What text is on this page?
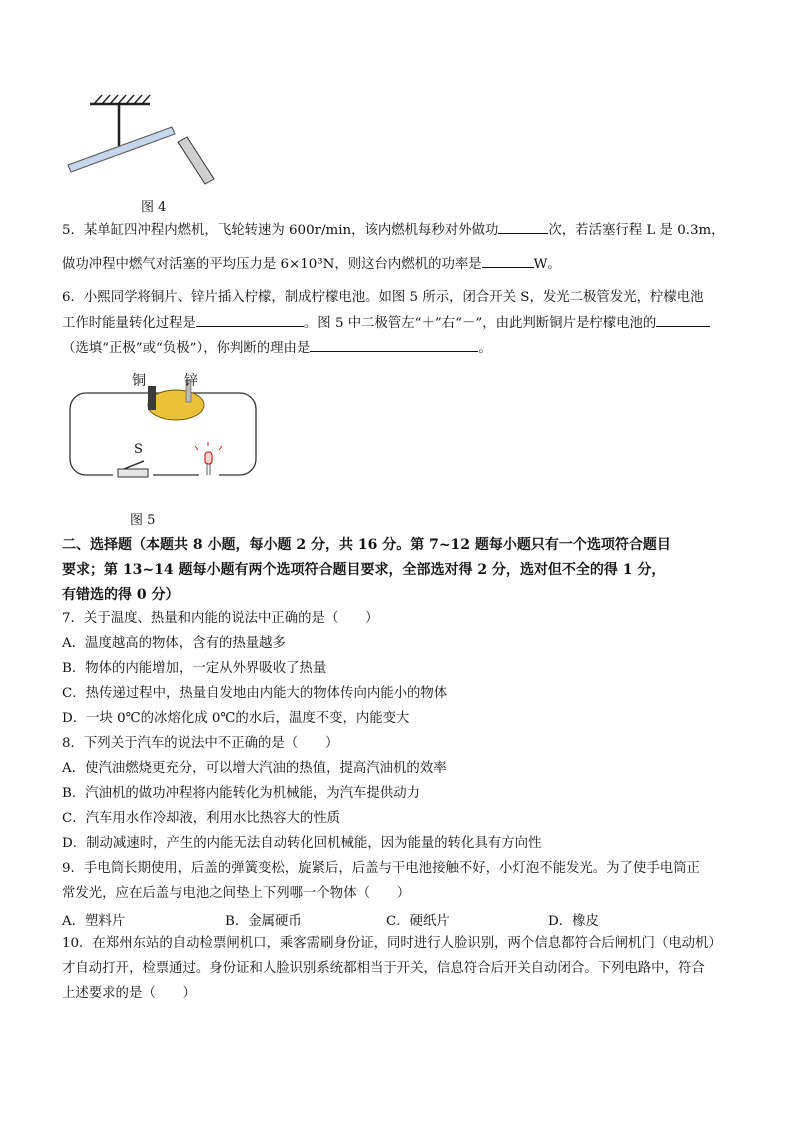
图 4
5．某单缸四冲程内燃机，飞轮转速为 600r/min，该内燃机每秒对外做功	次，若活塞行程 L 是 0.3m，
做功冲程中燃气对活塞的平均压力是 6×10³N，则这台内燃机的功率是	W。
6．小熙同学将铜片、锌片插入柠檬，制成柠檬电池。如图 5 所示，闭合开关 S，发光二极管发光，柠檬电池
工作时能量转化过程是	。图 5 中二极管左“＋”右“－”，由此判断铜片是柠檬电池的
（选填“正极”或“负极”），你判断的理由是	。
铜	锌
S
图 5
二、选择题（本题共 8 小题，每小题 2 分，共 16 分。第 7~12 题每小题只有一个选项符合题目
要求；第 13~14 题每小题有两个选项符合题目要求，全部选对得 2 分，选对但不全的得 1 分，
有错选的得 0 分）
7．关于温度、热量和内能的说法中正确的是（　　）
A．温度越高的物体，含有的热量越多
B．物体的内能增加，一定从外界吸收了热量
C．热传递过程中，热量自发地由内能大的物体传向内能小的物体
D．一块 0℃的冰熔化成 0℃的水后，温度不变，内能变大
8．下列关于汽车的说法中不正确的是（　　）
A．使汽油燃烧更充分，可以增大汽油的热值，提高汽油机的效率
B．汽油机的做功冲程将内能转化为机械能，为汽车提供动力
C．汽车用水作冷却液，利用水比热容大的性质
D．制动减速时，产生的内能无法自动转化回机械能，因为能量的转化具有方向性
9．手电筒长期使用，后盖的弹簧变松，旋紧后，后盖与干电池接触不好，小灯泡不能发光。为了使手电筒正
常发光，应在后盖与电池之间垫上下列哪一个物体（　　）
A．塑料片	B．金属硬币	C．硬纸片	D．橡皮
10．在郑州东站的自动检票闸机口，乘客需刷身份证，同时进行人脸识别，两个信息都符合后闸机门（电动机）
才自动打开，检票通过。身份证和人脸识别系统都相当于开关，信息符合后开关自动闭合。下列电路中，符合
上述要求的是（　　）
